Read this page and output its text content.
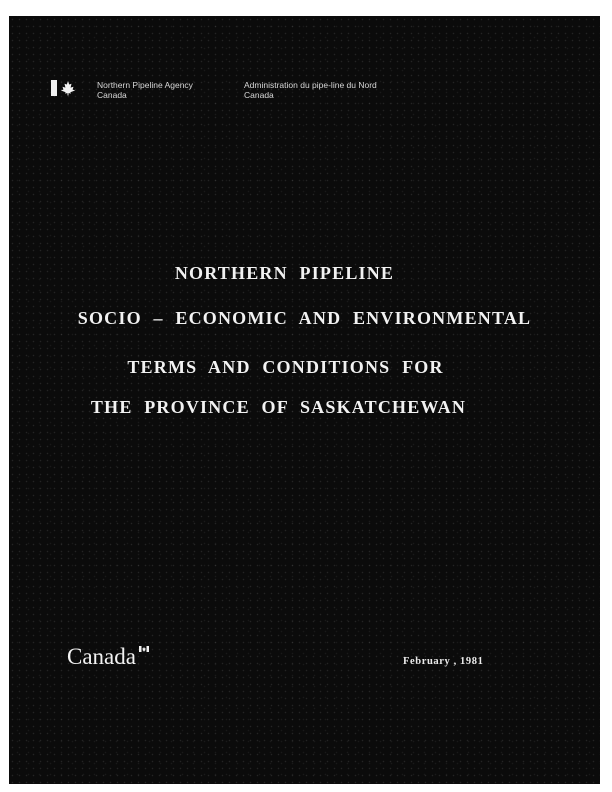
Northern Pipeline Agency
Canada
Administration du pipe-line du Nord
Canada
NORTHERN PIPELINE
SOCIO – ECONOMIC AND ENVIRONMENTAL
TERMS AND CONDITIONS FOR
THE PROVINCE OF SASKATCHEWAN
Canada	February , 1981
